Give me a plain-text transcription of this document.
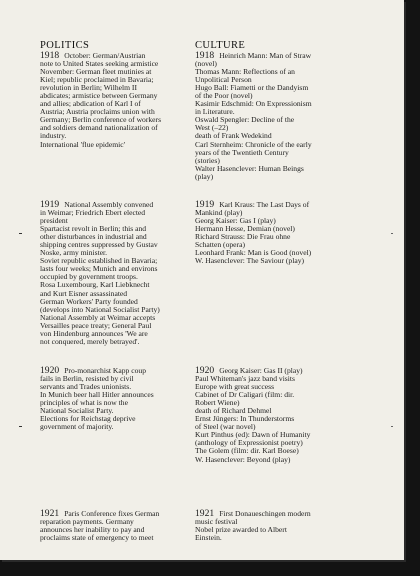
POLITICS	CULTURE
1918 October: German/Austrian
note to United States seeking armistice
November: German fleet mutinies at
Kiel; republic proclaimed in Bavaria;
revolution in Berlin; Wilhelm II
abdicates; armistice between Germany
and allies; abdication of Karl I of
Austria; Austria proclaims union with
Germany; Berlin conference of workers
and soldiers demand nationalization of
industry.
International 'flue epidemic'
1918 Heinrich Mann: Man of Straw
(novel)
Thomas Mann: Reflections of an
Unpolitical Person
Hugo Ball: Fiametti or the Dandyism
of the Poor (novel)
Kasimir Edschmid: On Expressionism
in Literature.
Oswald Spengler: Decline of the
West (–22)
death of Frank Wedekind
Carl Sternheim: Chronicle of the early
years of the Twentieth Century
(stories)
Walter Hasenclever: Human Beings
(play)
1919 National Assembly convened
in Weimar; Friedrich Ebert elected
president
Spartacist revolt in Berlin; this and
other disturbances in industrial and
shipping centres suppressed by Gustav
Noske, army minister.
Soviet republic established in Bavaria;
lasts four weeks; Munich and environs
occupied by government troops.
Rosa Luxembourg, Karl Liebknecht
and Kurt Eisner assassinated
German Workers' Party founded
(develops into National Socialist Party)
National Assembly at Weimar accepts
Versailles peace treaty; General Paul
von Hindenburg announces 'We are
not conquered, merely betrayed'.
1919 Karl Kraus: The Last Days of
Mankind (play)
Georg Kaiser: Gas I (play)
Hermann Hesse, Demian (novel)
Richard Strauss: Die Frau ohne
Schatten (opera)
Leonhard Frank: Man is Good (novel)
W. Hasenclever: The Saviour (play)
1920 Pro-monarchist Kapp coup
fails in Berlin, resisted by civil
servants and Trades unionists.
In Munich beer hall Hitler announces
principles of what is now the
National Socialist Party.
Elections for Reichstag deprive
government of majority.
1920 Georg Kaiser: Gas II (play)
Paul Whiteman's jazz band visits
Europe with great success
Cabinet of Dr Caligari (film: dir.
Robert Wiene)
death of Richard Dehmel
Ernst Jüngers: In Thunderstorms
of Steel (war novel)
Kurt Pinthus (ed): Dawn of Humanity
(anthology of Expressionist poetry)
The Golem (film: dir. Karl Boese)
W. Hasenclever: Beyond (play)
1921 Paris Conference fixes German
reparation payments. Germany
announces her inability to pay and
proclaims state of emergency to meet
1921 First Donaueschingen modern
music festival
Nobel prize awarded to Albert
Einstein.
